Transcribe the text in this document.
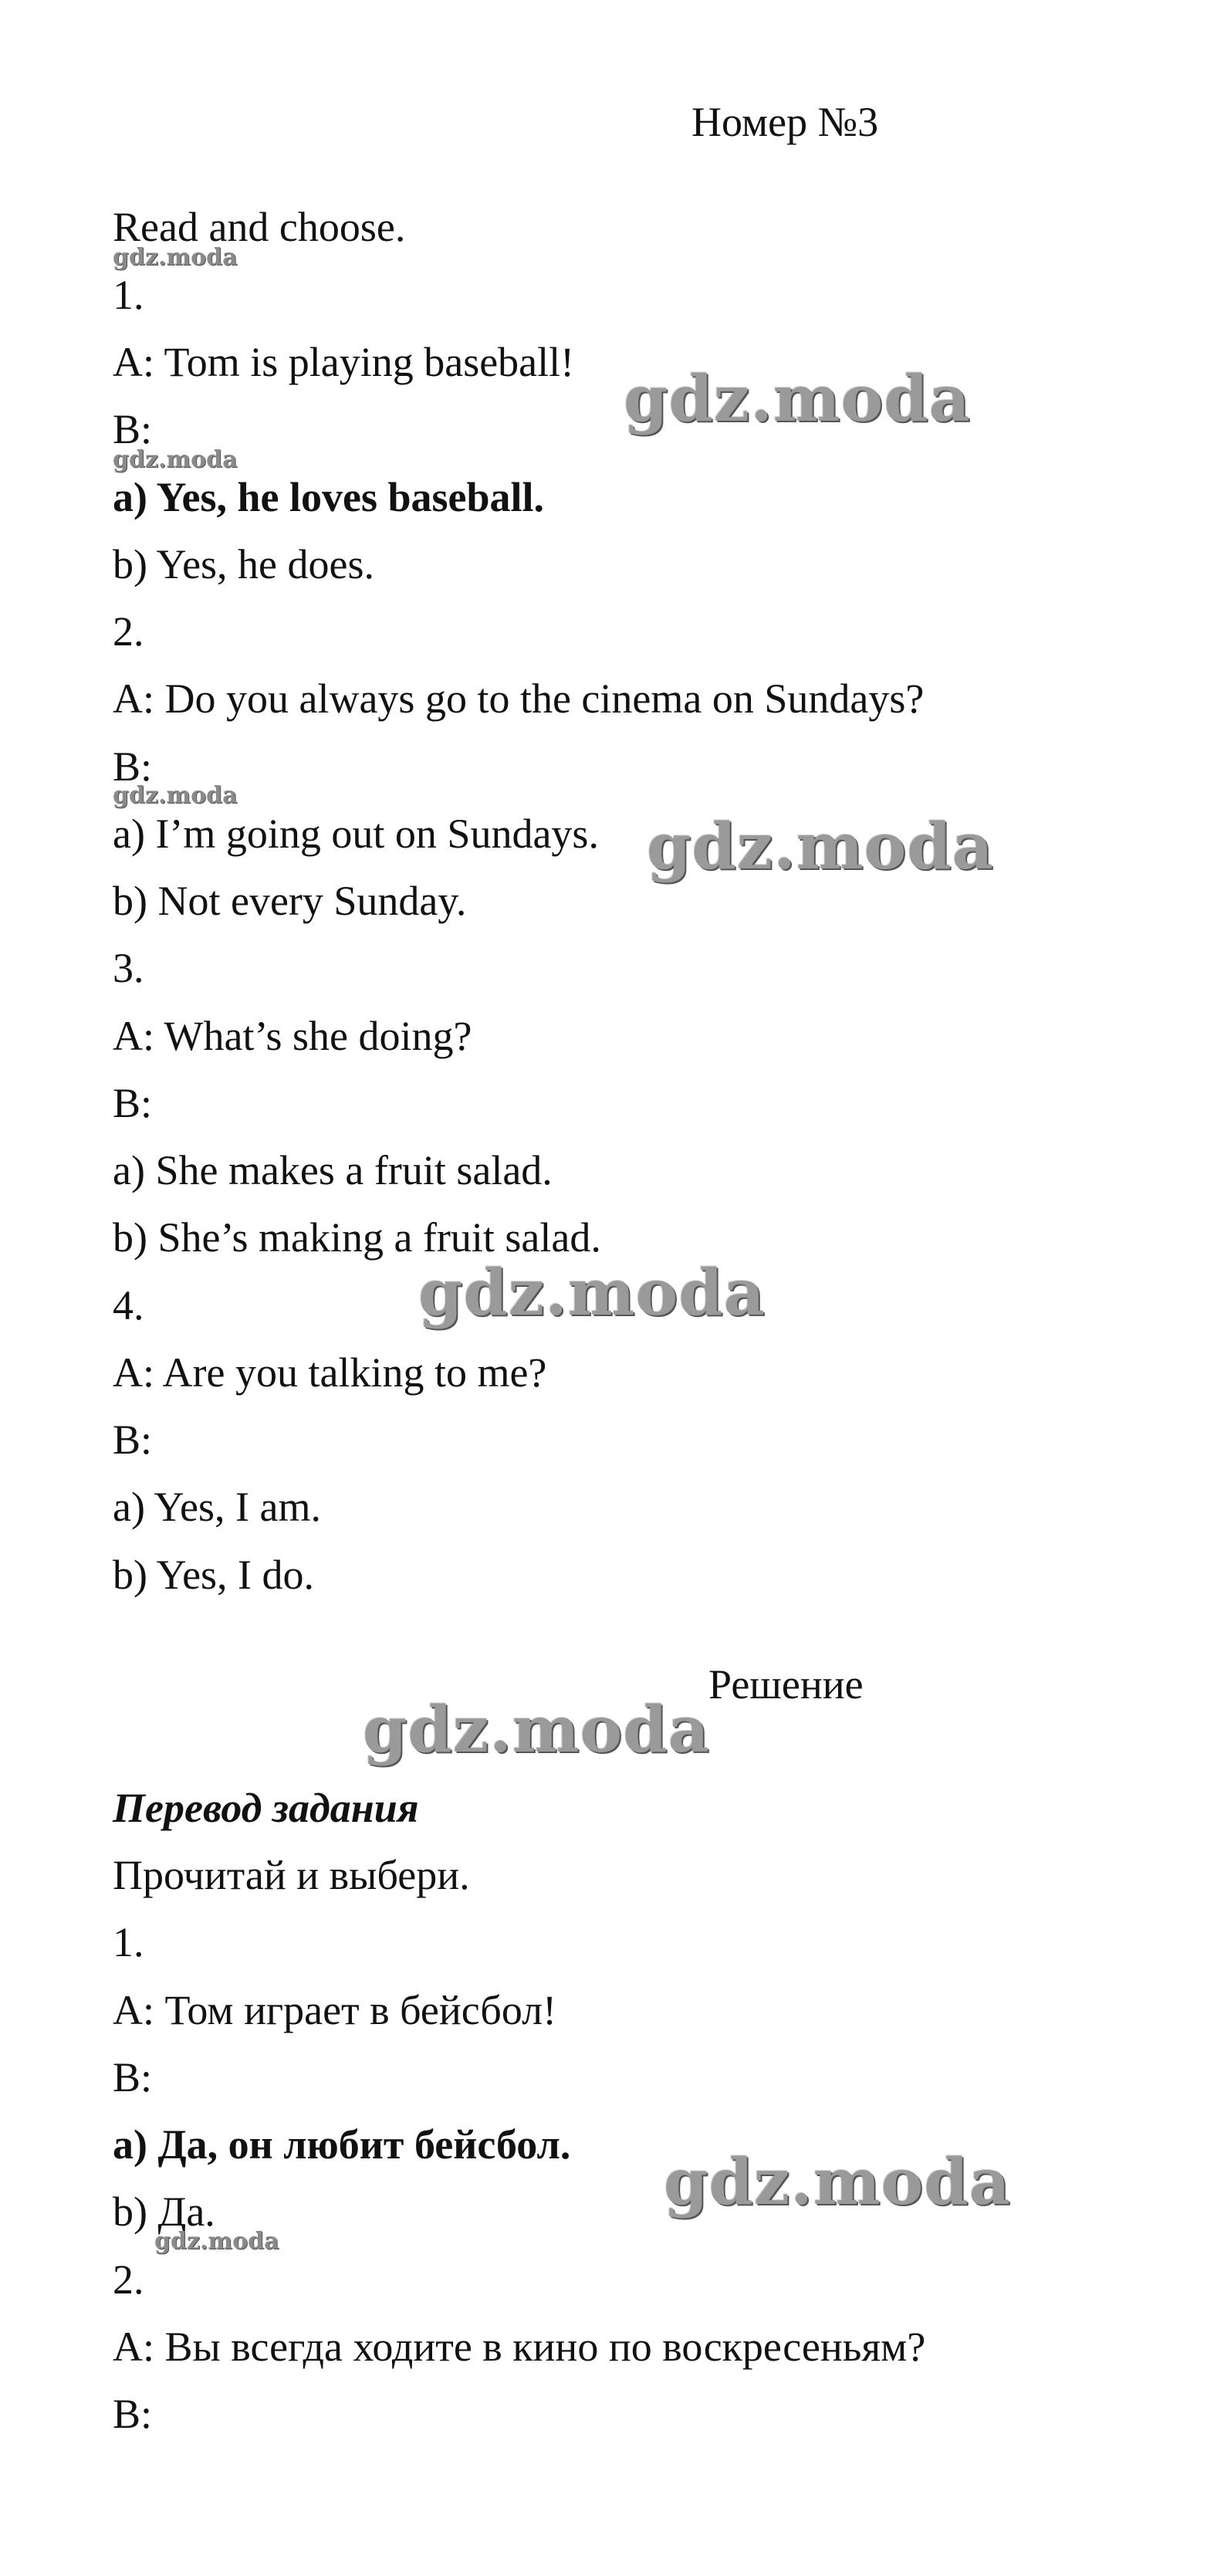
Номер №3
Read and choose.
1.
A: Tom is playing baseball!
B:
a) Yes, he loves baseball.
b) Yes, he does.
2.
A: Do you always go to the cinema on Sundays?
B:
a) I’m going out on Sundays.
b) Not every Sunday.
3.
A: What’s she doing?
B:
a) She makes a fruit salad.
b) She’s making a fruit salad.
4.
A: Are you talking to me?
B:
a) Yes, I am.
b) Yes, I do.
Решение
Перевод задания
Прочитай и выбери.
1.
A: Том играет в бейсбол!
B:
a) Да, он любит бейсбол.
b) Да.
2.
A: Вы всегда ходите в кино по воскресеньям?
B:
gdz.moda
gdz.moda
gdz.moda
gdz.moda
gdz.moda
gdz.moda
gdz.moda
gdz.moda
gdz.moda
